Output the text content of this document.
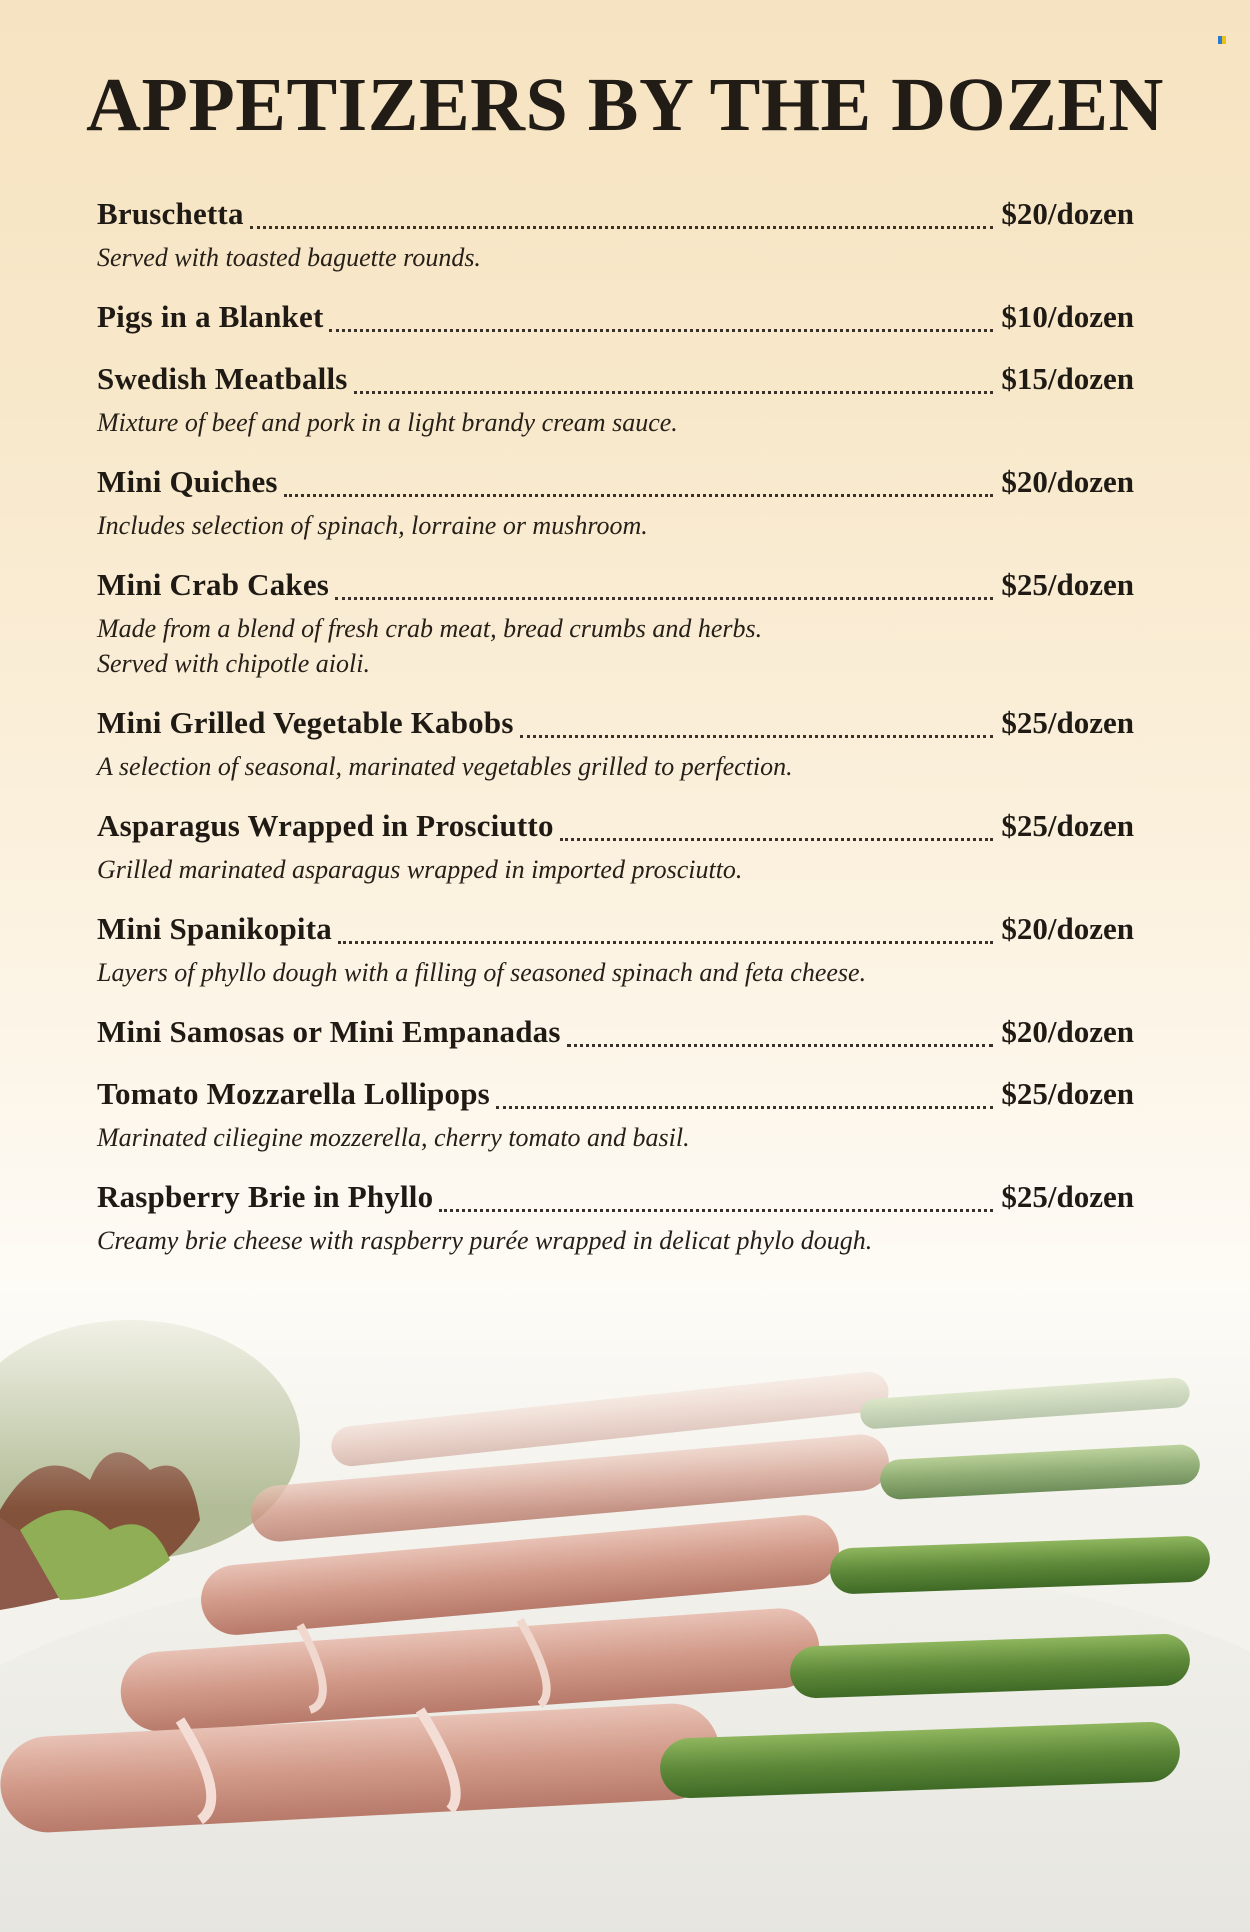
APPETIZERS BY THE DOZEN
Bruschetta	$20/dozen
Served with toasted baguette rounds.
Pigs in a Blanket	$10/dozen
Swedish Meatballs	$15/dozen
Mixture of beef and pork in a light brandy cream sauce.
Mini Quiches	$20/dozen
Includes selection of spinach, lorraine or mushroom.
Mini Crab Cakes	$25/dozen
Made from a blend of fresh crab meat, bread crumbs and herbs.
Served with chipotle aioli.
Mini Grilled Vegetable Kabobs	$25/dozen
A selection of seasonal, marinated vegetables grilled to perfection.
Asparagus Wrapped in Prosciutto	$25/dozen
Grilled marinated asparagus wrapped in imported prosciutto.
Mini Spanikopita	$20/dozen
Layers of phyllo dough with a filling of seasoned spinach and feta cheese.
Mini Samosas or Mini Empanadas	$20/dozen
Tomato Mozzarella Lollipops	$25/dozen
Marinated ciliegine mozzerella, cherry tomato and basil.
Raspberry Brie in Phyllo	$25/dozen
Creamy brie cheese with raspberry purée wrapped in delicat phylo dough.
